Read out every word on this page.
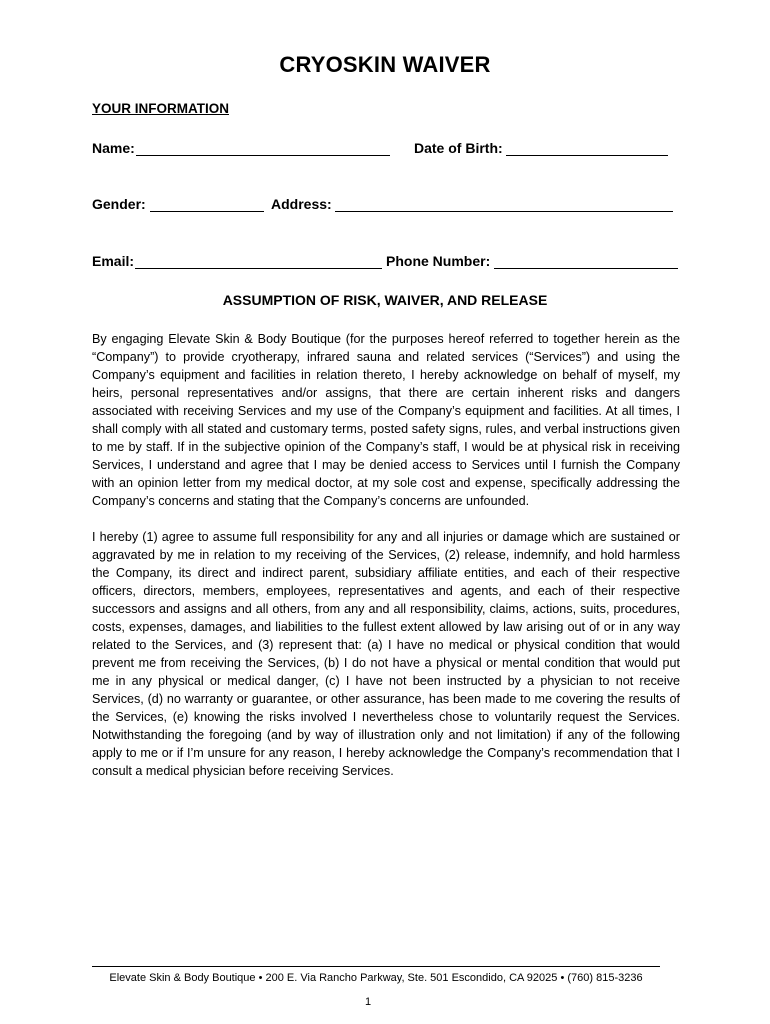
CRYOSKIN WAIVER
YOUR INFORMATION
Name:	Date of Birth:
Gender:	Address:
Email:	Phone Number:
ASSUMPTION OF RISK, WAIVER, AND RELEASE

By engaging Elevate Skin & Body Boutique (for the purposes hereof referred to together herein as the “Company”) to provide cryotherapy, infrared sauna and related services (“Services”) and using the Company’s equipment and facilities in relation thereto, I hereby acknowledge on behalf of myself, my heirs, personal representatives and/or assigns, that there are certain inherent risks and dangers associated with receiving Services and my use of the Company’s equipment and facilities. At all times, I shall comply with all stated and customary terms, posted safety signs, rules, and verbal instructions given to me by staff. If in the subjective opinion of the Company’s staff, I would be at physical risk in receiving Services, I understand and agree that I may be denied access to Services until I furnish the Company with an opinion letter from my medical doctor, at my sole cost and expense, specifically addressing the Company’s concerns and stating that the Company’s concerns are unfounded.

I hereby (1) agree to assume full responsibility for any and all injuries or damage which are sustained or aggravated by me in relation to my receiving of the Services, (2) release, indemnify, and hold harmless the Company, its direct and indirect parent, subsidiary affiliate entities, and each of their respective officers, directors, members, employees, representatives and agents, and each of their respective successors and assigns and all others, from any and all responsibility, claims, actions, suits, procedures, costs, expenses, damages, and liabilities to the fullest extent allowed by law arising out of or in any way related to the Services, and (3) represent that: (a) I have no medical or physical condition that would prevent me from receiving the Services, (b) I do not have a physical or mental condition that would put me in any physical or medical danger, (c) I have not been instructed by a physician to not receive Services, (d) no warranty or guarantee, or other assurance, has been made to me covering the results of the Services, (e) knowing the risks involved I nevertheless chose to voluntarily request the Services. Notwithstanding the foregoing (and by way of illustration only and not limitation) if any of the following apply to me or if I’m unsure for any reason, I hereby acknowledge the Company’s recommendation that I consult a medical physician before receiving Services.

Elevate Skin & Body Boutique • 200 E. Via Rancho Parkway, Ste. 501 Escondido, CA 92025 • (760) 815-3236
1
